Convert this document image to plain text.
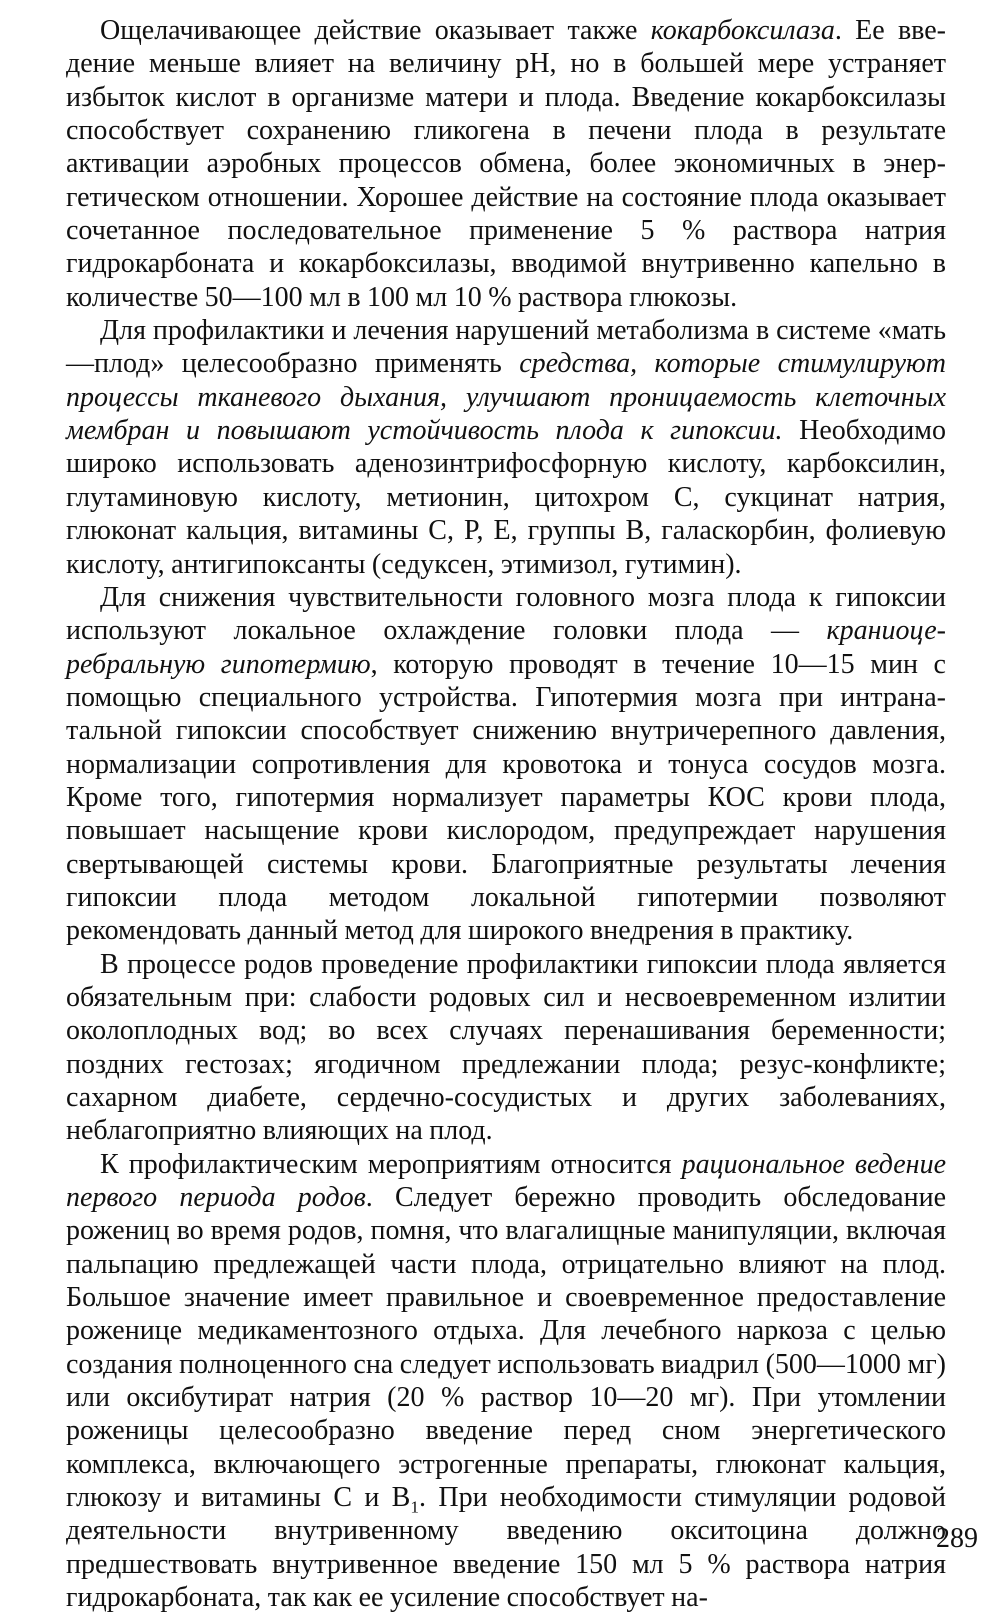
Ощелачивающее действие оказывает также кокарбоксилаза. Ее введение меньше влияет на величину pH, но в большей мере устраняет избыток кислот в организме матери и плода. Введение кокарбоксилазы способствует сохранению гликогена в печени плода в результате активации аэробных процессов обмена, более экономичных в энергетическом отношении. Хорошее действие на состояние плода оказывает сочетанное последовательное применение 5 % раствора натрия гидрокарбоната и кокарбоксилазы, вводимой внутривенно капельно в количестве 50—100 мл в 100 мл 10 % раствора глюкозы.

Для профилактики и лечения нарушений метаболизма в системе «мать—плод» целесообразно применять средства, которые стимулируют процессы тканевого дыхания, улучшают проницаемость клеточных мембран и повышают устойчивость плода к гипоксии. Необходимо широко использовать аденозинтрифосфорную кислоту, карбоксилин, глутаминовую кислоту, метионин, цитохром C, сукцинат натрия, глюконат кальция, витамины C, P, E, группы B, галаскорбин, фолиевую кислоту, антигипоксанты (седуксен, этимизол, гутимин).

Для снижения чувствительности головного мозга плода к гипоксии используют локальное охлаждение головки плода — краниоцеребральную гипотермию, которую проводят в течение 10—15 мин с помощью специального устройства. Гипотермия мозга при интранатальной гипоксии способствует снижению внутричерепного давления, нормализации сопротивления для кровотока и тонуса сосудов мозга. Кроме того, гипотермия нормализует параметры КОС крови плода, повышает насыщение крови кислородом, предупреждает нарушения свертывающей системы крови. Благоприятные результаты лечения гипоксии плода методом локальной гипотермии позволяют рекомендовать данный метод для широкого внедрения в практику.

В процессе родов проведение профилактики гипоксии плода является обязательным при: слабости родовых сил и несвоевременном излитии околоплодных вод; во всех случаях перенашивания беременности; поздних гестозах; ягодичном предлежании плода; резус-конфликте; сахарном диабете, сердечно-сосудистых и других заболеваниях, неблагоприятно влияющих на плод.

К профилактическим мероприятиям относится рациональное ведение первого периода родов. Следует бережно проводить обследование рожениц во время родов, помня, что влагалищные манипуляции, включая пальпацию предлежащей части плода, отрицательно влияют на плод. Большое значение имеет правильное и своевременное предоставление роженице медикаментозного отдыха. Для лечебного наркоза с целью создания полноценного сна следует использовать виадрил (500—1000 мг) или оксибутират натрия (20 % раствор 10—20 мг). При утомлении роженицы целесообразно введение перед сном энергетического комплекса, включающего эстрогенные препараты, глюконат кальция, глюкозу и витамины C и $B_1$. При необходимости стимуляции родовой деятельности внутривенному введению окситоцина должно предшествовать внутривенное введение 150 мл 5 % раствора натрия гидрокарбоната, так как ее усиление способствует на-

289
